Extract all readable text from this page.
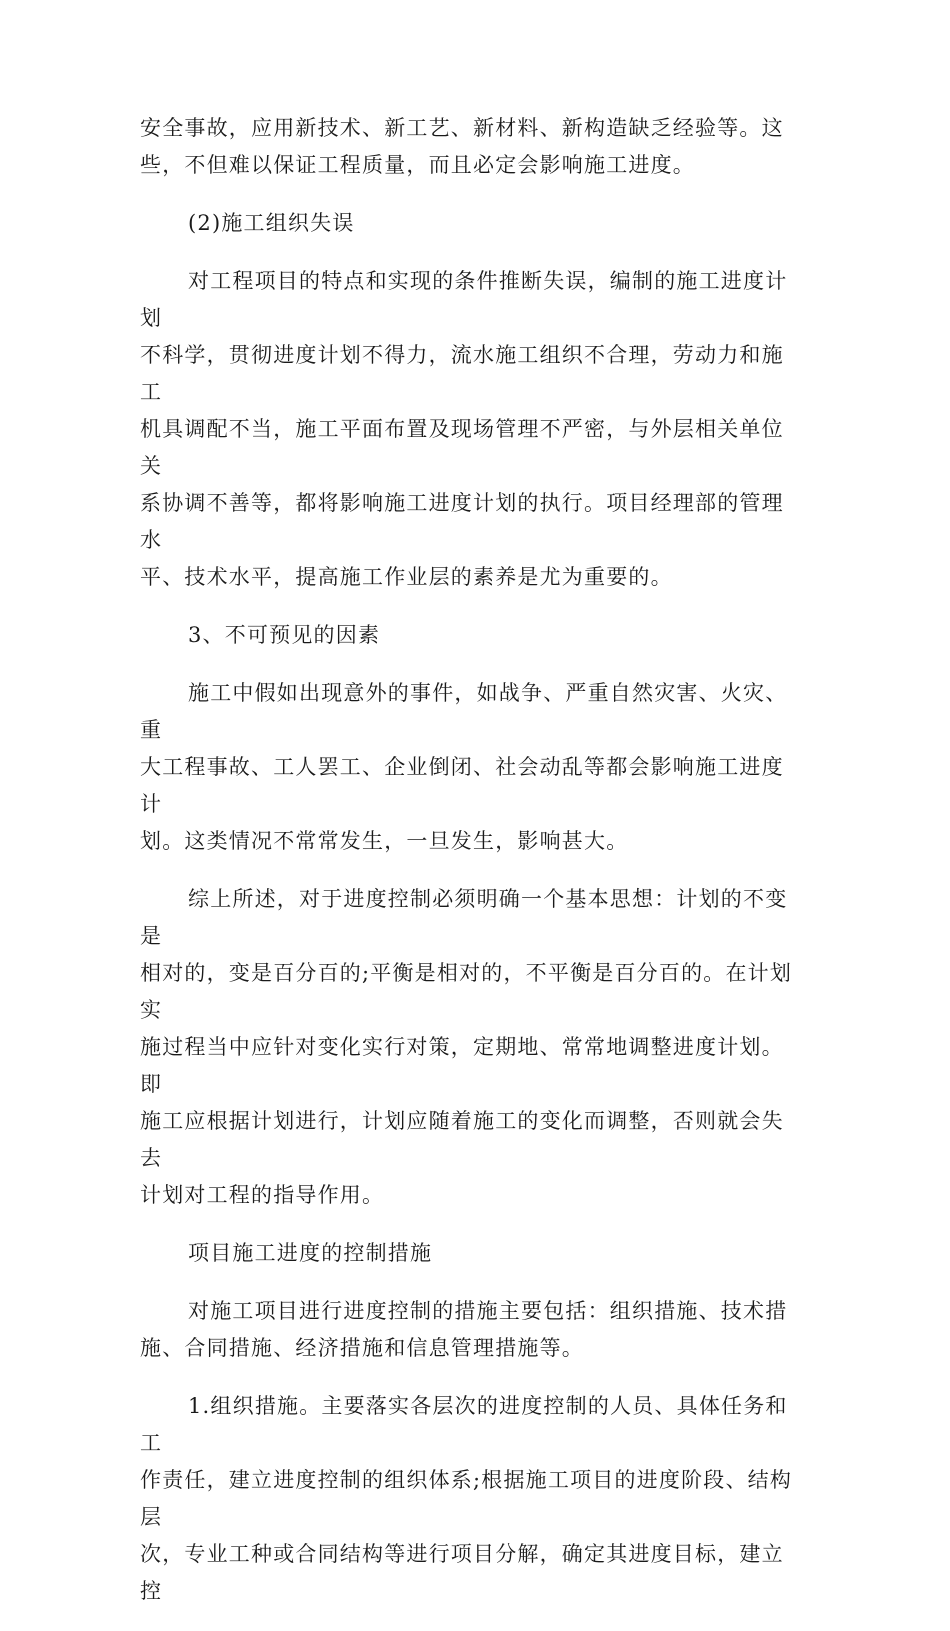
安全事故，应用新技术、新工艺、新材料、新构造缺乏经验等。这
些，不但难以保证工程质量，而且必定会影响施工进度。

(2)施工组织失误

对工程项目的特点和实现的条件推断失误，编制的施工进度计划
不科学，贯彻进度计划不得力，流水施工组织不合理，劳动力和施工
机具调配不当，施工平面布置及现场管理不严密，与外层相关单位关
系协调不善等，都将影响施工进度计划的执行。项目经理部的管理水
平、技术水平，提高施工作业层的素养是尤为重要的。

3、不可预见的因素

施工中假如出现意外的事件，如战争、严重自然灾害、火灾、重
大工程事故、工人罢工、企业倒闭、社会动乱等都会影响施工进度计
划。这类情况不常常发生，一旦发生，影响甚大。

综上所述，对于进度控制必须明确一个基本思想：计划的不变是
相对的，变是百分百的;平衡是相对的，不平衡是百分百的。在计划实
施过程当中应针对变化实行对策，定期地、常常地调整进度计划。即
施工应根据计划进行，计划应随着施工的变化而调整，否则就会失去
计划对工程的指导作用。

项目施工进度的控制措施

对施工项目进行进度控制的措施主要包括：组织措施、技术措
施、合同措施、经济措施和信息管理措施等。

1.组织措施。主要落实各层次的进度控制的人员、具体任务和工
作责任，建立进度控制的组织体系;根据施工项目的进度阶段、结构层
次，专业工种或合同结构等进行项目分解，确定其进度目标，建立控
